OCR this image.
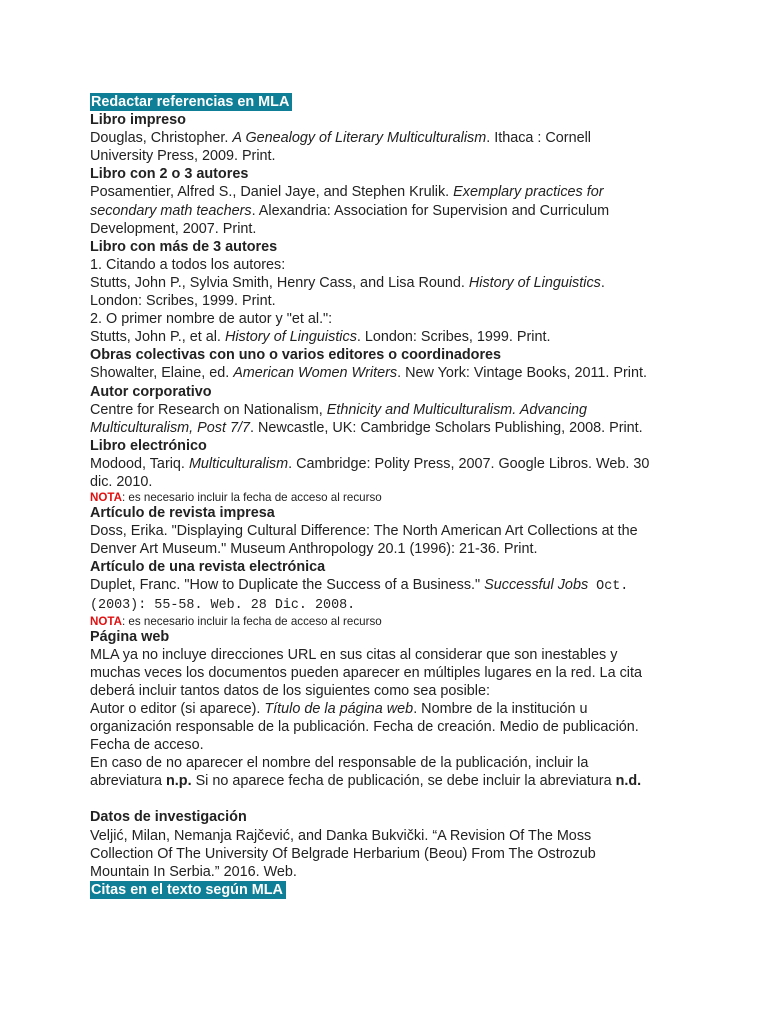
Redactar referencias en MLA
Libro impreso
Douglas, Christopher. A Genealogy of Literary Multiculturalism. Ithaca : Cornell
University Press, 2009. Print.
Libro con 2 o 3 autores
Posamentier, Alfred S., Daniel Jaye, and Stephen Krulik. Exemplary practices for
secondary math teachers. Alexandria: Association for Supervision and Curriculum
Development, 2007. Print.
Libro con más de 3 autores
1. Citando a todos los autores:
Stutts, John P., Sylvia Smith, Henry Cass, and Lisa Round. History of Linguistics.
London: Scribes, 1999. Print.
2. O primer nombre de autor y "et al.":
Stutts, John P., et al. History of Linguistics. London: Scribes, 1999. Print.
Obras colectivas con uno o varios editores o coordinadores
Showalter, Elaine, ed. American Women Writers. New York: Vintage Books, 2011. Print.
Autor corporativo
Centre for Research on Nationalism, Ethnicity and Multiculturalism. Advancing
Multiculturalism, Post 7/7. Newcastle, UK: Cambridge Scholars Publishing, 2008. Print.
Libro electrónico
Modood, Tariq. Multiculturalism. Cambridge: Polity Press, 2007. Google Libros. Web. 30
dic. 2010.
NOTA: es necesario incluir la fecha de acceso al recurso
Artículo de revista impresa
Doss, Erika. "Displaying Cultural Difference: The North American Art Collections at the
Denver Art Museum." Museum Anthropology 20.1 (1996): 21-36. Print.
Artículo de una revista electrónica
Duplet, Franc. "How to Duplicate the Success of a Business." Successful Jobs Oct.
(2003): 55-58. Web. 28 Dic. 2008.
NOTA: es necesario incluir la fecha de acceso al recurso
Página web
MLA ya no incluye direcciones URL en sus citas al considerar que son inestables y
muchas veces los documentos pueden aparecer en múltiples lugares en la red. La cita
deberá incluir tantos datos de los siguientes como sea posible:
Autor o editor (si aparece). Título de la página web. Nombre de la institución u
organización responsable de la publicación. Fecha de creación. Medio de publicación.
Fecha de acceso.
En caso de no aparecer el nombre del responsable de la publicación, incluir la
abreviatura n.p. Si no aparece fecha de publicación, se debe incluir la abreviatura n.d.
Datos de investigación
Veljić, Milan, Nemanja Rajčević, and Danka Bukvički. “A Revision Of The Moss
Collection Of The University Of Belgrade Herbarium (Beou) From The Ostrozub
Mountain In Serbia.” 2016. Web.
Citas en el texto según MLA
